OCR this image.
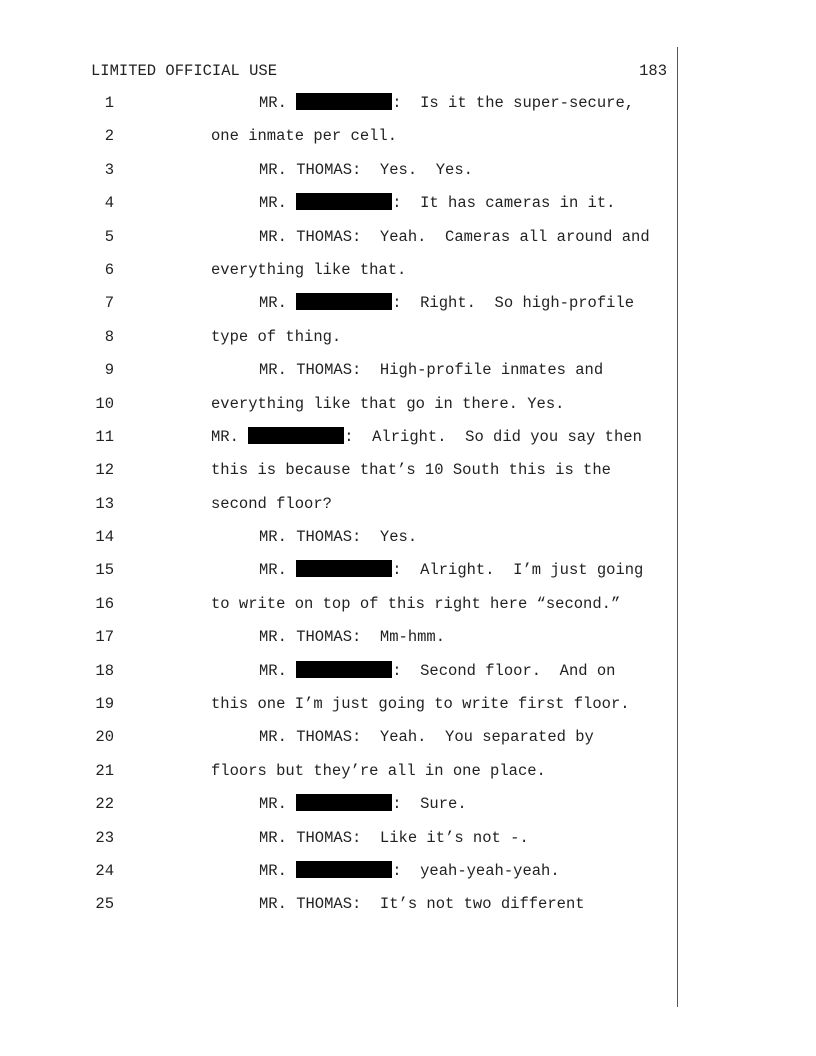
LIMITED OFFICIAL USE	183
1	MR.	:  Is it the super-secure,
2	one inmate per cell.
3	MR. THOMAS:  Yes.  Yes.
4	MR.	:  It has cameras in it.
5	MR. THOMAS:  Yeah.  Cameras all around and
6	everything like that.
7	MR.	:  Right.  So high-profile
8	type of thing.
9	MR. THOMAS:  High-profile inmates and
10	everything like that go in there. Yes.
11	MR.	:  Alright.  So did you say then
12	this is because that’s 10 South this is the
13	second floor?
14	MR. THOMAS:  Yes.
15	MR.	:  Alright.  I’m just going
16	to write on top of this right here “second.”
17	MR. THOMAS:  Mm-hmm.
18	MR.	:  Second floor.  And on
19	this one I’m just going to write first floor.
20	MR. THOMAS:  Yeah.  You separated by
21	floors but they’re all in one place.
22	MR.	:  Sure.
23	MR. THOMAS:  Like it’s not -.
24	MR.	:  yeah-yeah-yeah.
25	MR. THOMAS:  It’s not two different
